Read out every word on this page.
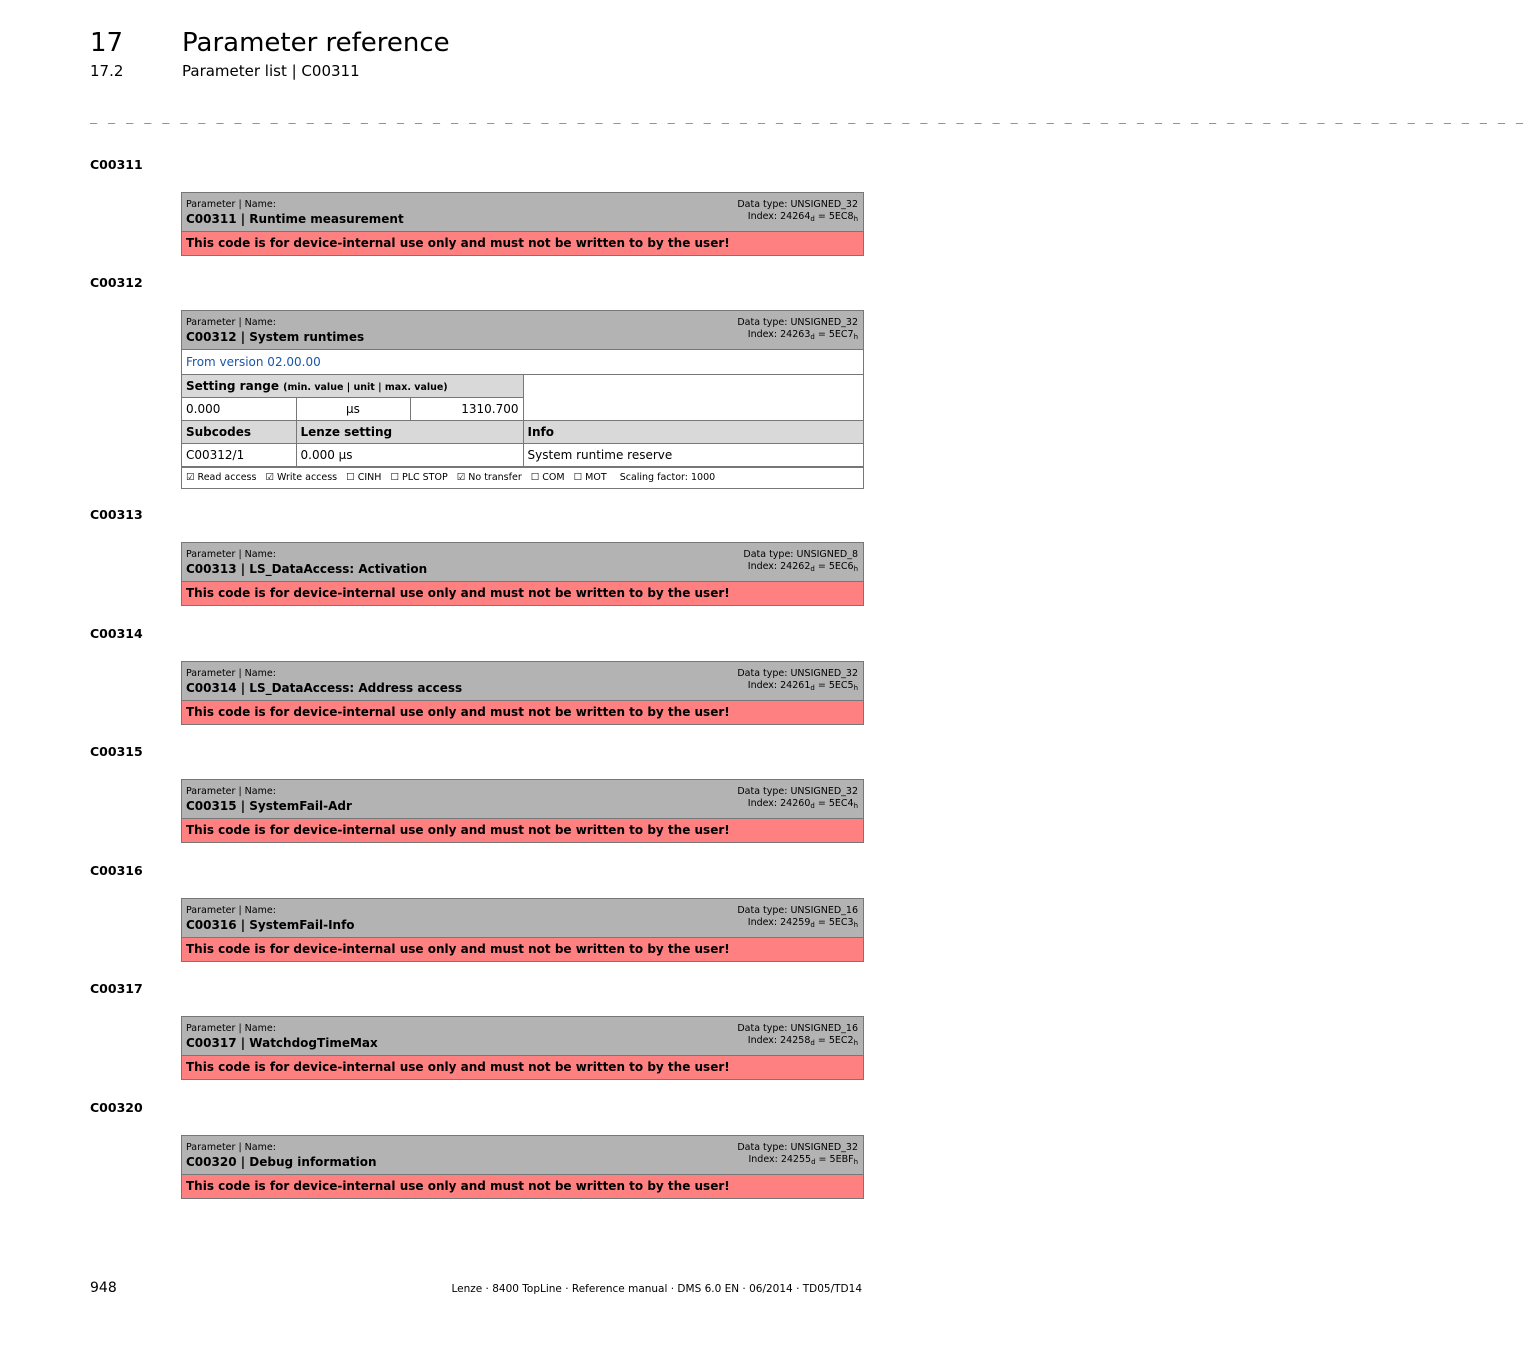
17 Parameter reference
17.2	Parameter list | C00311
_ _ _ _ _ _ _ _ _ _ _ _ _ _ _ _ _ _ _ _ _ _ _ _ _ _ _ _ _ _ _ _ _ _ _ _ _ _ _ _ _ _ _ _ _ _ _ _ _ _ _ _ _ _ _ _ _ _ _ _ _ _ _ _ _ _ _ _ _ _ _ _ _ _ _ _ _ _ _ _
C00311
Parameter | Name:
C00311 | Runtime measurement
Data type: UNSIGNED_32
Index: $24264_d = 5EC8_h$
This code is for device-internal use only and must not be written to by the user!
C00312
Parameter | Name:
C00312 | System runtimes
Data type: UNSIGNED_32
Index: $24263_d = 5EC7_h$
From version 02.00.00
Setting range (min. value | unit | max. value)			
0.000	µs	1310.700	
Subcodes	Lenze setting		Info
C00312/1	0.000 µs		System runtime reserve
☑ Read access ☑ Write access ☐ CINH ☐ PLC STOP ☑ No transfer ☐ COM ☐ MOT Scaling factor: 1000
C00313
Parameter | Name:
C00313 | LS_DataAccess: Activation
Data type: UNSIGNED_8
Index: $24262_d = 5EC6_h$
This code is for device-internal use only and must not be written to by the user!
C00314
Parameter | Name:
C00314 | LS_DataAccess: Address access
Data type: UNSIGNED_32
Index: $24261_d = 5EC5_h$
This code is for device-internal use only and must not be written to by the user!
C00315
Parameter | Name:
C00315 | SystemFail-Adr
Data type: UNSIGNED_32
Index: $24260_d = 5EC4_h$
This code is for device-internal use only and must not be written to by the user!
C00316
Parameter | Name:
C00316 | SystemFail-Info
Data type: UNSIGNED_16
Index: $24259_d = 5EC3_h$
This code is for device-internal use only and must not be written to by the user!
C00317
Parameter | Name:
C00317 | WatchdogTimeMax
Data type: UNSIGNED_16
Index: $24258_d = 5EC2_h$
This code is for device-internal use only and must not be written to by the user!
C00320
Parameter | Name:
C00320 | Debug information
Data type: UNSIGNED_32
Index: $24255_d = 5EBF_h$
This code is for device-internal use only and must not be written to by the user!
948	Lenze · 8400 TopLine · Reference manual · DMS 6.0 EN · 06/2014 · TD05/TD14
